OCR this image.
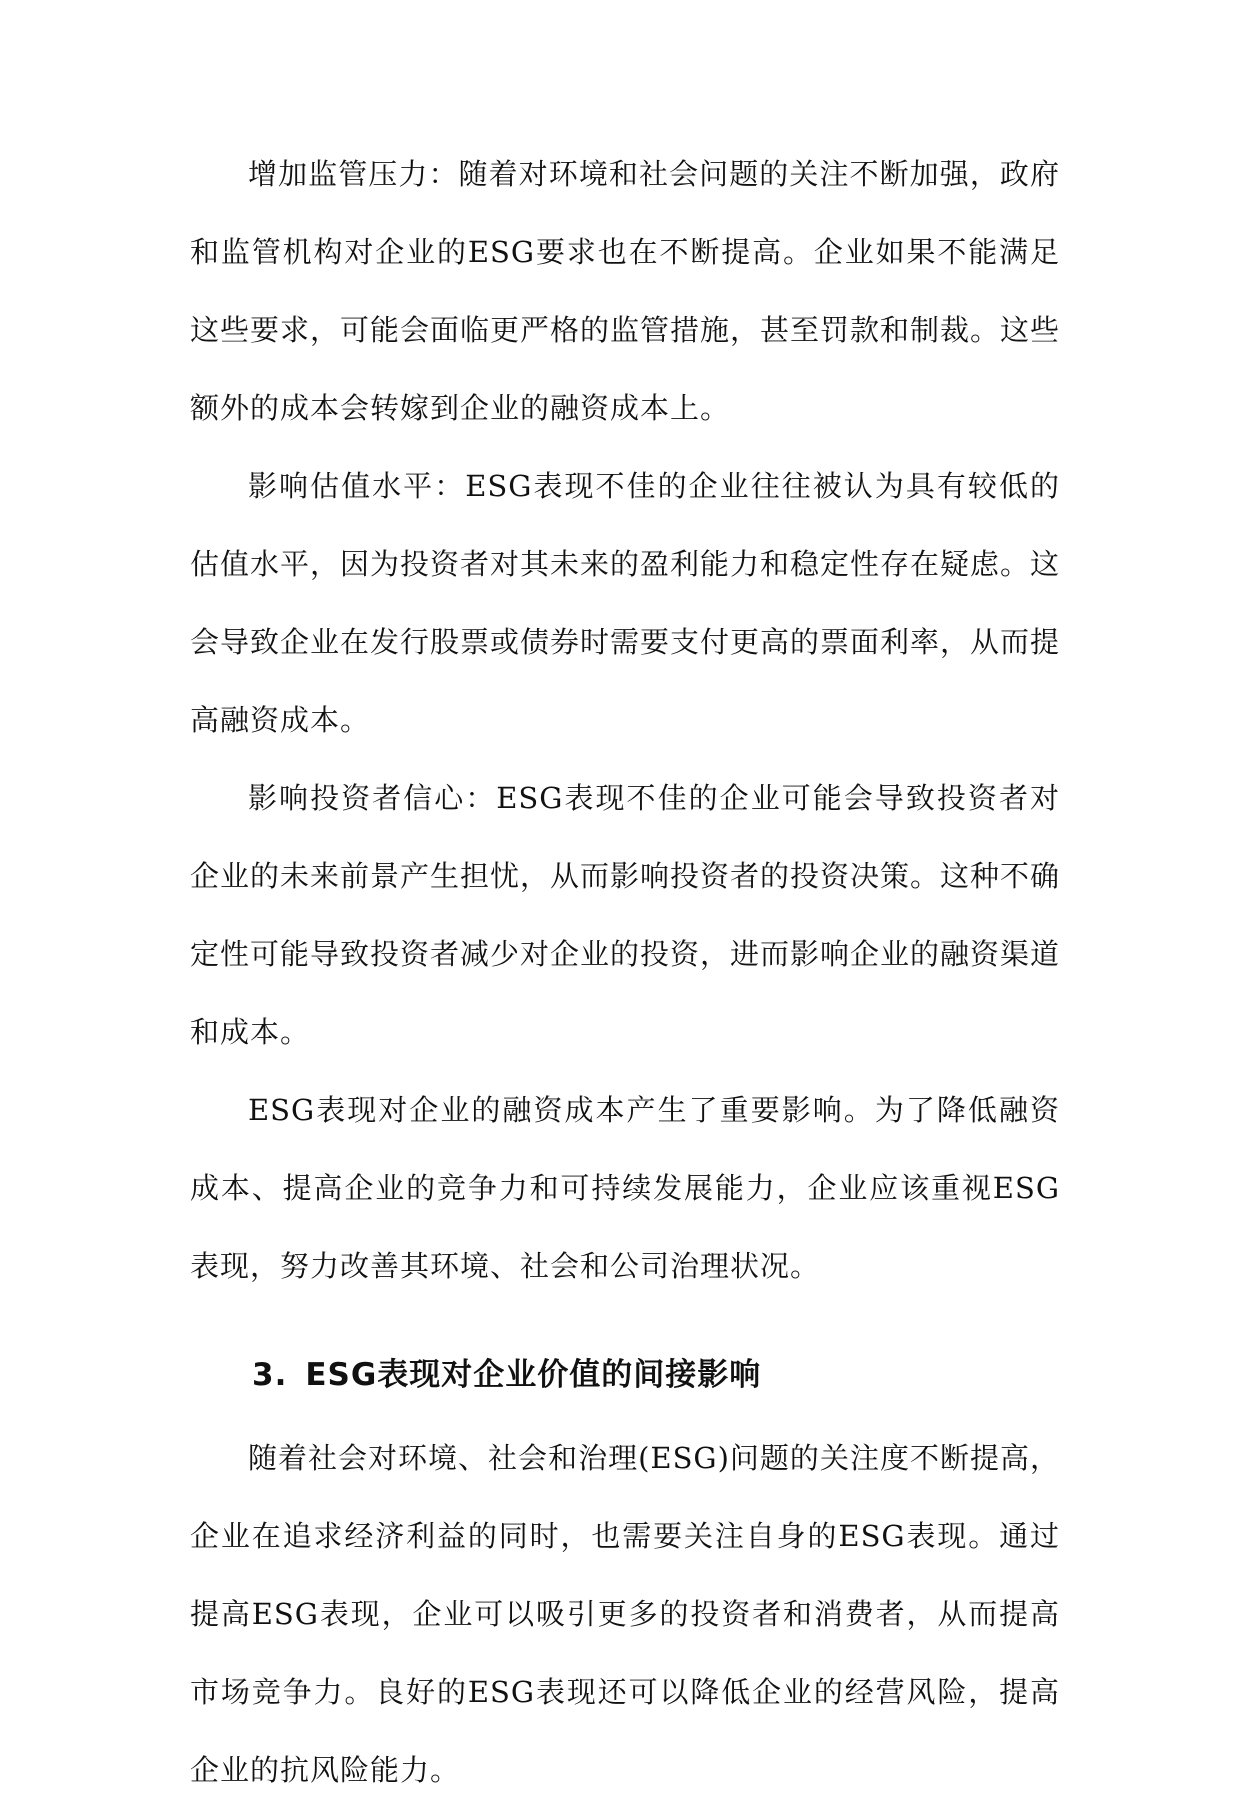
增加监管压力：随着对环境和社会问题的关注不断加强，政府和监管机构对企业的ESG要求也在不断提高。企业如果不能满足这些要求，可能会面临更严格的监管措施，甚至罚款和制裁。这些额外的成本会转嫁到企业的融资成本上。

影响估值水平：ESG表现不佳的企业往往被认为具有较低的估值水平，因为投资者对其未来的盈利能力和稳定性存在疑虑。这会导致企业在发行股票或债券时需要支付更高的票面利率，从而提高融资成本。

影响投资者信心：ESG表现不佳的企业可能会导致投资者对企业的未来前景产生担忧，从而影响投资者的投资决策。这种不确定性可能导致投资者减少对企业的投资，进而影响企业的融资渠道和成本。

ESG表现对企业的融资成本产生了重要影响。为了降低融资成本、提高企业的竞争力和可持续发展能力，企业应该重视ESG表现，努力改善其环境、社会和公司治理状况。

3. ESG表现对企业价值的间接影响

随着社会对环境、社会和治理(ESG)问题的关注度不断提高，企业在追求经济利益的同时，也需要关注自身的ESG表现。通过提高ESG表现，企业可以吸引更多的投资者和消费者，从而提高市场竞争力。良好的ESG表现还可以降低企业的经营风险，提高企业的抗风险能力。
